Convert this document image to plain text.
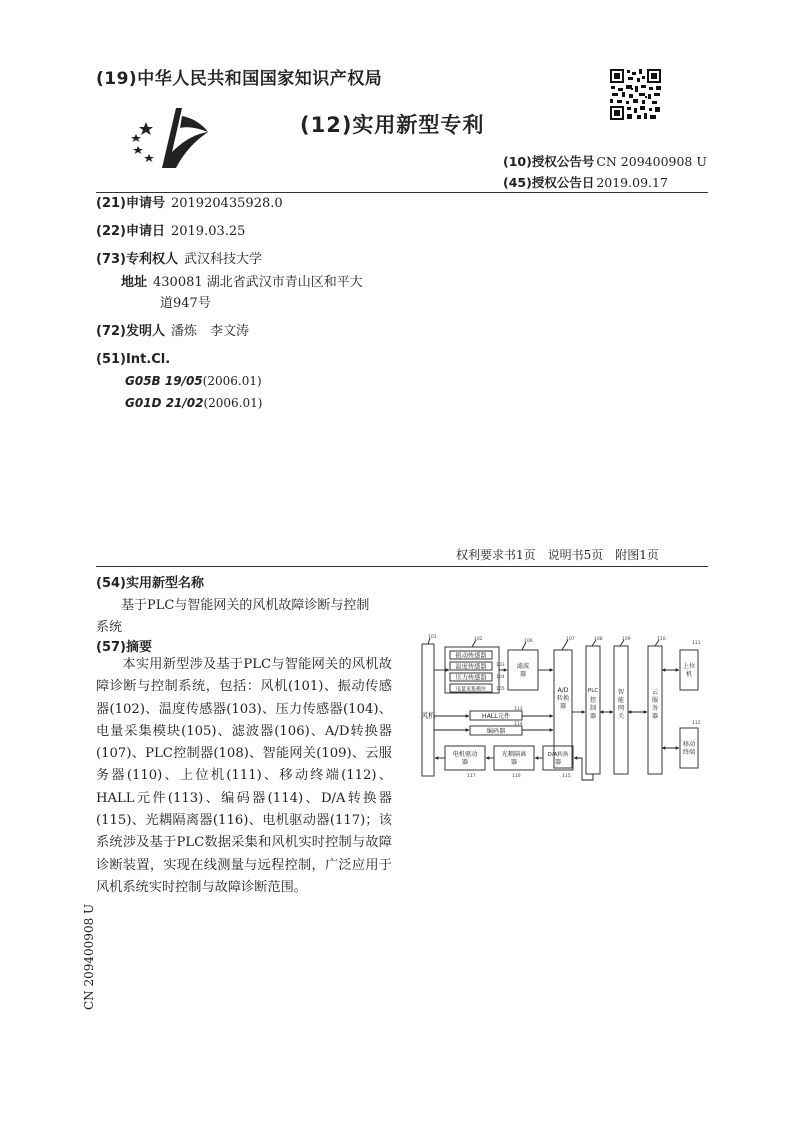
(19)中华人民共和国国家知识产权局
(12)实用新型专利
(10)授权公告号 CN 209400908 U
(45)授权公告日 2019.09.17
(21)申请号 201920435928.0
(22)申请日 2019.03.25
(73)专利权人 武汉科技大学
地址 430081 湖北省武汉市青山区和平大
道947号
(72)发明人 潘炼　李文涛
(51)Int.Cl.
G05B 19/05(2006.01)
G01D 21/02(2006.01)
权利要求书1页　说明书5页　附图1页
(54)实用新型名称
基于PLC与智能网关的风机故障诊断与控制
系统
(57)摘要
本实用新型涉及基于PLC与智能网关的风机故障诊断与控制系统，包括：风机(101)、振动传感器(102)、温度传感器(103)、压力传感器(104)、电量采集模块(105)、滤波器(106)、A/D转换器(107)、PLC控制器(108)、智能网关(109)、云服务器(110)、上位机(111)、移动终端(112)、HALL元件(113)、编码器(114)、D/A转换器(115)、光耦隔离器(116)、电机驱动器(117)；该系统涉及基于PLC数据采集和风机实时控制与故障诊断装置，实现在线测量与远程控制，广泛应用于风机系统实时控制与故障诊断范围。
CN 209400908 U
风机
振动传感器
温度传感器
压力传感器
电量采集模块
滤波
器
A/D
转换
器
PLC
控
制
器
智
能
网
关
云
服
务
器
上位
机
移动
终端
HALL元件
编码器
电机驱动
器
光耦隔离
器
D/A转换
器
101	102
103
104
105
106	107	108	109	110
111
112
113
114
115
116
117
